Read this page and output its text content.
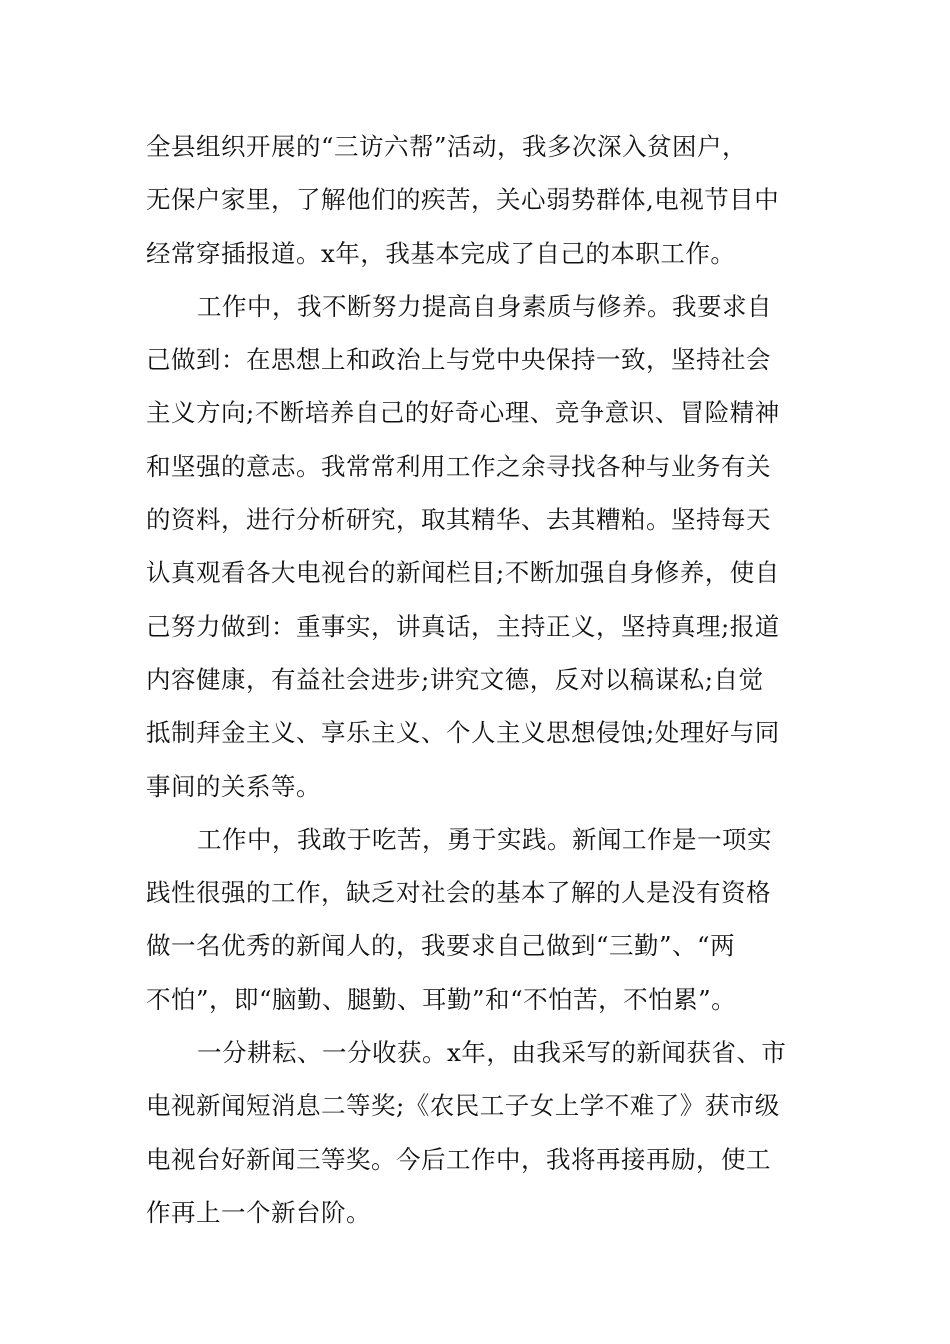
全县组织开展的“三访六帮”活动，我多次深入贫困户，
无保户家里，了解他们的疾苦，关心弱势群体,电视节目中
经常穿插报道。x年，我基本完成了自己的本职工作。
工作中，我不断努力提高自身素质与修养。我要求自
己做到：在思想上和政治上与党中央保持一致，坚持社会
主义方向;不断培养自己的好奇心理、竞争意识、冒险精神
和坚强的意志。我常常利用工作之余寻找各种与业务有关
的资料，进行分析研究，取其精华、去其糟粕。坚持每天
认真观看各大电视台的新闻栏目;不断加强自身修养，使自
己努力做到：重事实，讲真话，主持正义，坚持真理;报道
内容健康，有益社会进步;讲究文德，反对以稿谋私;自觉
抵制拜金主义、享乐主义、个人主义思想侵蚀;处理好与同
事间的关系等。
工作中，我敢于吃苦，勇于实践。新闻工作是一项实
践性很强的工作，缺乏对社会的基本了解的人是没有资格
做一名优秀的新闻人的，我要求自己做到“三勤”、“两
不怕”，即“脑勤、腿勤、耳勤”和“不怕苦，不怕累”。
一分耕耘、一分收获。x年，由我采写的新闻获省、市
电视新闻短消息二等奖;《农民工子女上学不难了》获市级
电视台好新闻三等奖。今后工作中，我将再接再励，使工
作再上一个新台阶。
